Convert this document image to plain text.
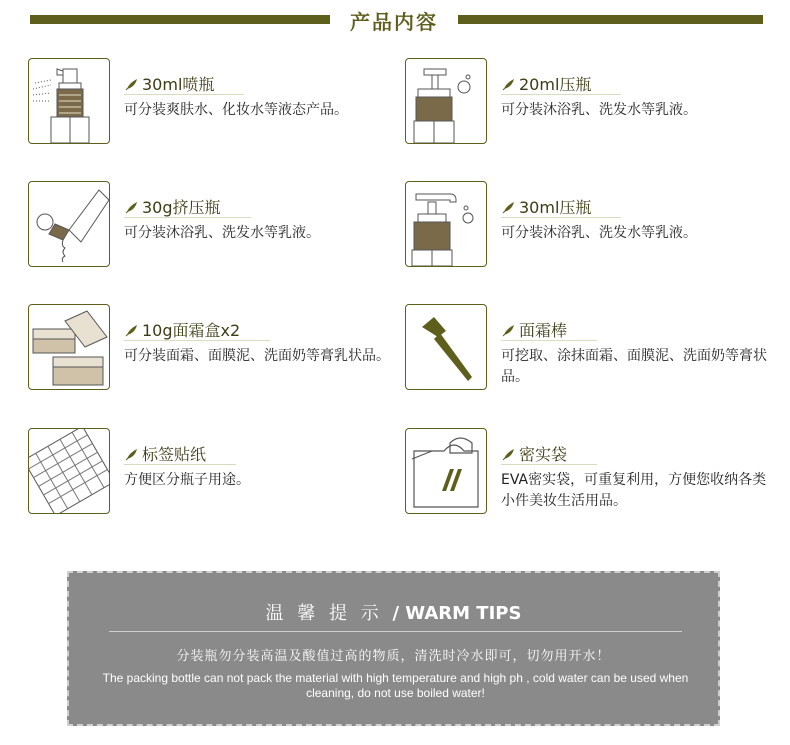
产品内容
30ml喷瓶
可分装爽肤水、化妆水等液态产品。
20ml压瓶
可分装沐浴乳、洗发水等乳液。
30g挤压瓶
可分装沐浴乳、洗发水等乳液。
30ml压瓶
可分装沐浴乳、洗发水等乳液。
10g面霜盒x2
可分装面霜、面膜泥、洗面奶等膏乳状品。
面霜棒
可挖取、涂抹面霜、面膜泥、洗面奶等膏状品。
标签贴纸
方便区分瓶子用途。
密实袋
EVA密实袋，可重复利用，方便您收纳各类小件美妆生活用品。
温 馨 提 示 / WARM TIPS
分装瓶勿分装高温及酸值过高的物质，清洗时冷水即可，切勿用开水！
The packing bottle can not pack the material with high temperature and high ph , cold water can be used when cleaning, do not use boiled water!
